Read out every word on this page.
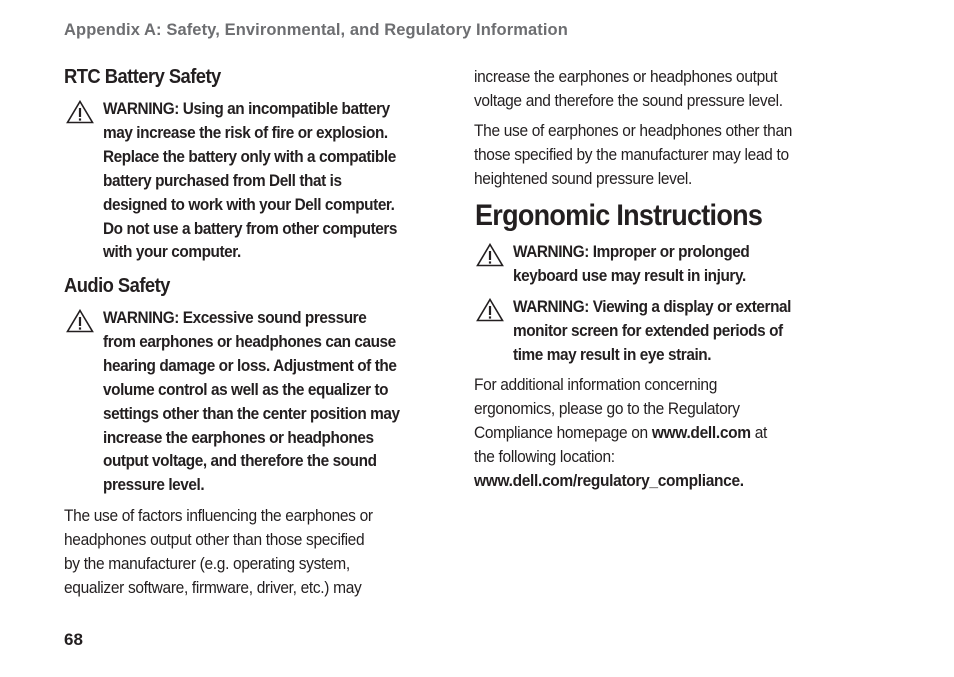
Appendix A: Safety, Environmental, and Regulatory Information
RTC Battery Safety
WARNING: Using an incompatible battery
may increase the risk of fire or explosion.
Replace the battery only with a compatible
battery purchased from Dell that is
designed to work with your Dell computer.
Do not use a battery from other computers
with your computer.
Audio Safety
WARNING: Excessive sound pressure
from earphones or headphones can cause
hearing damage or loss. Adjustment of the
volume control as well as the equalizer to
settings other than the center position may
increase the earphones or headphones
output voltage, and therefore the sound
pressure level.
The use of factors influencing the earphones or
headphones output other than those specified
by the manufacturer (e.g. operating system,
equalizer software, firmware, driver, etc.) may
increase the earphones or headphones output
voltage and therefore the sound pressure level.
The use of earphones or headphones other than
those specified by the manufacturer may lead to
heightened sound pressure level.
Ergonomic Instructions
WARNING: Improper or prolonged
keyboard use may result in injury.
WARNING: Viewing a display or external
monitor screen for extended periods of
time may result in eye strain.
For additional information concerning
ergonomics, please go to the Regulatory
Compliance homepage on www.dell.com at
the following location:
www.dell.com/regulatory_compliance.
68
